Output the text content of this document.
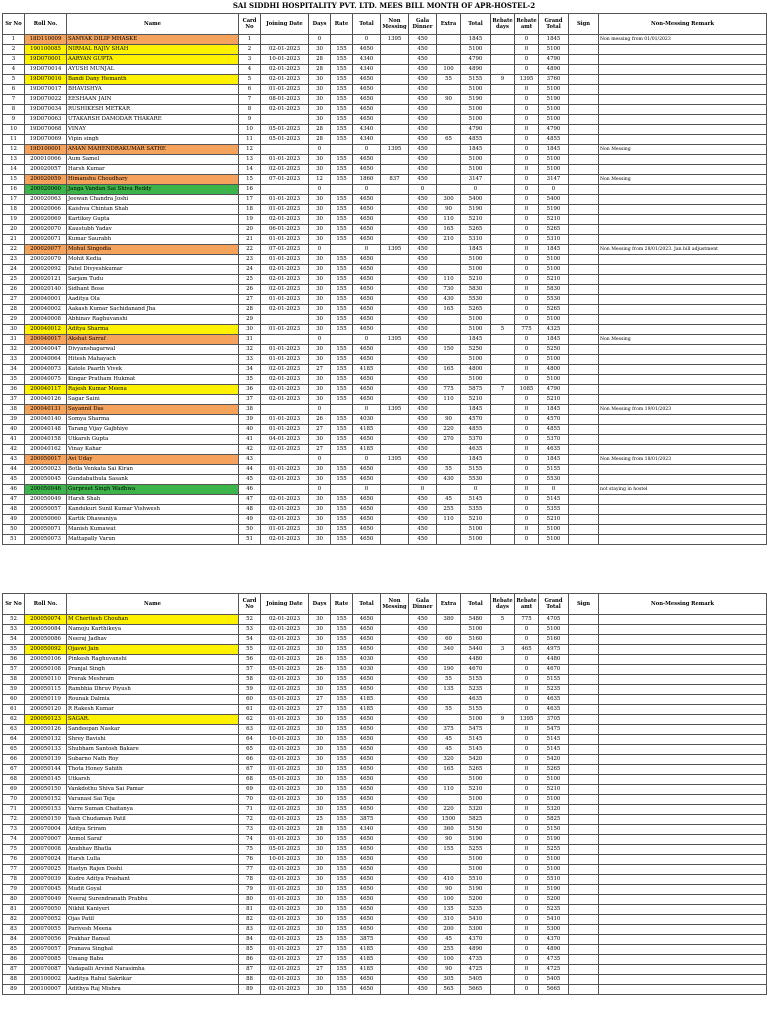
SAI SIDDHI HOSPITALITY PVT. LTD. MEES BILL MONTH OF APR-HOSTEL-2
Sr No	Roll No.	Name	Card No	Joining Date	Days	Rate	Total	Non Messing	Gala Dinner	Extra	Total	Rebate days	Rebate amt	Grand Total	Sign	Non-Messing Remark
1	18D110009	SAMYAK DILIP MHASKE	1		0		0	1395	450		1845		0	1845		Non messing from 01/01/2023
2	190100085	NIRMAL RAJIV SHAH	2	02-01-2023	30	155	4650		450		5100		0	5100		
3	19D070001	AARYAN GUPTA	3	10-01-2023	28	155	4340		450		4790		0	4790		
4	19D070014	AYUSH MUNJAL	4	02-01-2023	28	155	4340		450	100	4890		0	4890		
5	19D070016	Bandi Dany Hemanth	5	02-01-2023	30	155	4650		450	55	5155	9	1395	3760		
6	19D070017	BHAVISHYA	6	01-01-2023	30	155	4650		450		5100		0	5100		
7	19D070022	EESHAAN JAIN	7	08-01-2023	30	155	4650		450	90	5190		0	5190		
8	19D070034	RUSHIKESH METKAR	8	02-01-2023	30	155	4650		450		5100		0	5100		
9	19D070063	UTAKARSH DAMODAR THAKARE	9		30	155	4650		450		5100		0	5100		
10	19D070068	VINAY	10	05-01-2023	28	155	4340		450		4790		0	4790		
11	19D070069	Vipin singh	11	05-01-2023	28	155	4340		450	65	4855		0	4855		
12	19D100001	AMAN MAHENDRAKUMAR SATHE	12		0		0	1395	450		1845		0	1845		Non Messing
13	200010066	Aum Samel	13	01-01-2023	30	155	4650		450		5100		0	5100		
14	200020057	Harsh Kumar	14	02-01-2023	30	155	4650		450		5100		0	5100		
15	200020059	Himanshu Choudhary	15	07-01-2023	12	155	1860	837	450		3147		0	3147		Non Messing
16	200020060	Janga Vandan Sai Shiva Reddy	16		0		0		0		0		0	0		
17	200020063	Jeewan Chandra Joshi	17	01-01-2023	30	155	4650		450	300	5400		0	5400		
18	200020066	Kaishva Chintan Shah	18	01-01-2023	30	155	4650		450	90	5190		0	5190		
19	200020069	Kartikey Gupta	19	02-01-2023	30	155	4650		450	110	5210		0	5210		
20	200020070	Kaustubh Yadav	20	06-01-2023	30	155	4650		450	165	5265		0	5265		
21	200020071	Kumar Saurabh	21	01-01-2023	30	155	4650		450	210	5310		0	5310		
22	200020077	Mohul Singodia	22	07-01-2023	0		0	1395	450		1845		0	1845		Non Messing from 28/01/2023. Jan bill adjustment
23	200020079	Mohit Kedia	23	01-01-2023	30	155	4650		450		5100		0	5100		
24	200020092	Patel Divyeshkumar	24	02-01-2023	30	155	4650		450		5100		0	5100		
25	200020121	Sarjam Tudu	25	02-01-2023	30	155	4650		450	110	5210		0	5210		
26	200020140	Sidhant Bose	26	02-01-2023	30	155	4650		450	730	5830		0	5830		
27	200040001	Aaditya Ola	27	01-01-2023	30	155	4650		450	430	5530		0	5530		
28	200040002	Aakash Kumar Sachidanand Jha	28	02-01-2023	30	155	4650		450	165	5265		0	5265		
29	200040008	Abhinav Raghuvanshi	29		30	155	4650		450		5100		0	5100		
30	200040012	Aditya Sharma	30	01-01-2023	30	155	4650		450		5100	5	775	4325		
31	200040017	Akshat Sarraf	31		0		0	1395	450		1845		0	1845		Non Messing
32	200040047	Divyanshagarwal	32	01-01-2023	30	155	4650		450	150	5250		0	5250		
33	200040064	Hitesh Mahayach	33	01-01-2023	30	155	4650		450		5100		0	5100		
34	200040073	Katole Paarth Vivek	34	02-01-2023	27	155	4185		450	165	4800		0	4800		
35	200040075	Kingar Pratham Hukmat	35	02-01-2023	30	155	4650		450		5100		0	5100		
36	200040117	Rajesh Kumar Meena	36	02-01-2023	30	155	4650		450	775	5875	7	1085	4790		
37	200040126	Sagar Saini	37	02-01-2023	30	155	4650		450	110	5210		0	5210		
38	200040131	Sayannil Das	38		0		0	1395	450		1845		0	1845		Non Messing from 19/01/2023
39	200040140	Somya Sharma	39	01-01-2023	26	155	4030		450	90	4570		0	4570		
40	200040148	Tarang Vijay Gajbhiye	40	01-01-2023	27	155	4185		450	220	4855		0	4855		
41	200040158	Utkarsh Gupta	41	04-01-2023	30	155	4650		450	270	5370		0	5370		
42	200040162	Vinay Kahar	42	02-01-2023	27	155	4185		450		4635		0	4635		
43	200050017	Avi Uday	43		0		0	1395	450		1845		0	1845		Non Messing from 18/01/2023
44	200050023	Botla Venkata Sai Kiran	44	01-01-2023	30	155	4650		450	55	5155		0	5155		
45	200050045	Gundabathula Sasank	45	02-01-2023	30	155	4650		450	430	5530		0	5530		
46	200050046	Gurpreet Singh Wadhwa	46		0		0		0		0		0	0		not staying in hostel
47	200050049	Harsh Shah	47	02-01-2023	30	155	4650		450	45	5145		0	5145		
48	200050057	Kandukuri Sunil Kumar Vishwesh	48	02-01-2023	30	155	4650		450	255	5355		0	5355		
49	200050060	Kartik Dhawaniya	49	02-01-2023	30	155	4650		450	110	5210		0	5210		
50	200050071	Manish Kumawat	50	01-01-2023	30	155	4650		450		5100		0	5100		
51	200050073	Mattapally Varun	51	02-01-2023	30	155	4650		450		5100		0	5100		
Sr No	Roll No.	Name	Card No	Joining Date	Days	Rate	Total	Non Messing	Gala Dinner	Extra	Total	Rebate days	Rebate amt	Grand Total	Sign	Non-Messing Remark
52	200050074	M Cheritesh Chouhan	52	02-01-2023	30	155	4650		450	380	5480	5	775	4705		
53	200050084	Namoju Karthikeya	53	02-01-2023	30	155	4650		450		5100		0	5100		
54	200050086	Neeraj Jadhav	54	02-01-2023	30	155	4650		450	60	5160		0	5160		
55	200050092	Ojaswi Jain	55	02-01-2023	30	155	4650		450	340	5440	3	465	4975		
56	200050106	Pinkesh Raghuvanshi	56	02-01-2023	26	155	4030		450		4480		0	4480		
57	200050108	Pranjal Singh	57	05-01-2023	26	155	4030		450	190	4670		0	4670		
58	200050110	Prerak Meshram	58	02-01-2023	30	155	4650		450	55	5155		0	5155		
59	200050115	Rambhia Dhruv Piyush	59	02-01-2023	30	155	4650		450	135	5235		0	5235		
60	200050119	Rounak Dalmia	60	03-01-2023	27	155	4185		450		4635		0	4635		
61	200050120	R Rakesh Kumar	61	02-01-2023	27	155	4185		450	55	5155		0	4635		
62	200050123	SAGAR.	62	01-01-2023	30	155	4650		450		5100	9	1395	3705		
63	200050126	Sandeepan Naskar	63	02-01-2023	30	155	4650		450	375	5475		0	5475		
64	200050132	Shrey Bavishi	64	10-01-2023	30	155	4650		450	45	5145		0	5145		
65	200050133	Shubham Santosh Bakare	65	02-01-2023	30	155	4650		450	45	5145		0	5145		
66	200050139	Subarno Nath Roy	66	02-01-2023	30	155	4650		450	320	5420		0	5420		
67	200050144	Thota Honey Sahith	67	01-01-2023	30	155	4650		450	165	5265		0	5265		
68	200050145	Utkarsh	68	05-01-2023	30	155	4650		450		5100		0	5100		
69	200050150	Vankdothu Shiva Sai Pamar	69	02-01-2023	30	155	4650		450	110	5210		0	5210		
70	200050152	Varanasi Sai Teja	70	02-01-2023	30	155	4650		450		5100		0	5100		
71	200050153	Varre Suman Chaitanya	71	02-01-2023	30	155	4650		450	220	5320		0	5320		
72	200050159	Yash Chudaman Patil	72	02-01-2023	25	155	3875		450	1500	5825		0	5825		
73	200070004	Aditya Sriram	73	02-01-2023	28	155	4340		450	360	5150		0	5150		
74	200070007	Anmol Saraf	74	01-01-2023	30	155	4650		450	90	5190		0	5190		
75	200070008	Anubhav Bhatla	75	05-01-2023	30	155	4650		450	155	5255		0	5255		
76	200070024	Harsh Lulla	76	10-01-2023	30	155	4650		450		5100		0	5100		
77	200070025	Hastyn Rajen Doshi	77	02-01-2023	30	155	4650		450		5100		0	5100		
78	200070039	Kudre Aditya Prashant	78	02-01-2023	30	155	4650		450	410	5510		0	5510		
79	200070045	Mudit Goyal	79	01-01-2023	30	155	4650		450	90	5190		0	5190		
80	200070049	Neeraj Surendranath Prabhu	80	01-01-2023	30	155	4650		450	100	5200		0	5200		
81	200070050	Nikhil Kaniyeri	81	02-01-2023	30	155	4650		450	135	5235		0	5235		
82	200070052	Ojas Patil	82	02-01-2023	30	155	4650		450	310	5410		0	5410		
83	200070055	Parivesh Meena	83	02-01-2023	30	155	4650		450	200	5300		0	5300		
84	200070056	Prakhar Bansal	84	02-01-2023	25	155	3875		450	45	4370		0	4370		
85	200070057	Pranava Singhal	85	01-01-2023	27	155	4185		450	255	4890		0	4890		
86	200070085	Umang Babu	86	02-01-2023	27	155	4185		450	100	4735		0	4735		
87	200070087	Vadapalli Arvind Narasimha	87	02-01-2023	27	155	4185		450	90	4725		0	4725		
88	200100002	Aaditya Rahul Sakrikar	88	02-01-2023	30	155	4650		450	305	5405		0	5405		
89	200100007	Adithya Raj Mishra	89	02-01-2023	30	155	4650		450	565	5665		0	5665		
